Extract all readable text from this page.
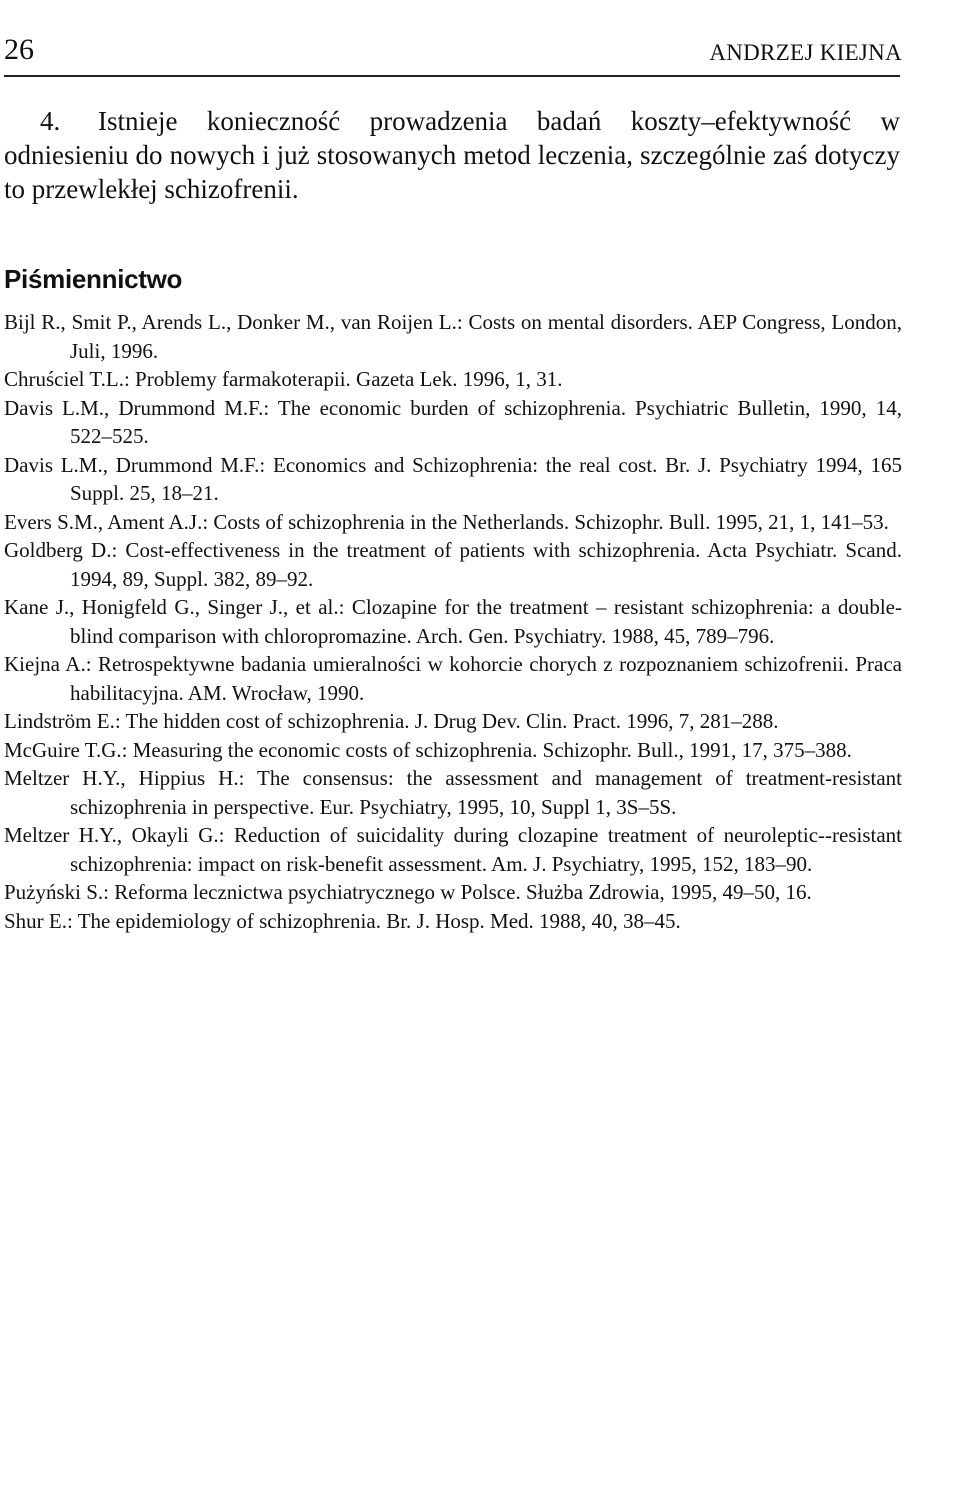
26	ANDRZEJ KIEJNA

4. Istnieje konieczność prowadzenia badań koszty–efektywność w odniesieniu do nowych i już stosowanych metod leczenia, szczególnie zaś dotyczy to przewlekłej schizofrenii.

Piśmiennictwo
Bijl R., Smit P., Arends L., Donker M., van Roijen L.: Costs on mental disorders. AEP Congress, London, Juli, 1996.
Chruściel T.L.: Problemy farmakoterapii. Gazeta Lek. 1996, 1, 31.
Davis L.M., Drummond M.F.: The economic burden of schizophrenia. Psychiatric Bulletin, 1990, 14, 522–525.
Davis L.M., Drummond M.F.: Economics and Schizophrenia: the real cost. Br. J. Psychiatry 1994, 165 Suppl. 25, 18–21.
Evers S.M., Ament A.J.: Costs of schizophrenia in the Netherlands. Schizophr. Bull. 1995, 21, 1, 141–53.
Goldberg D.: Cost-effectiveness in the treatment of patients with schizophrenia. Acta Psychiatr. Scand. 1994, 89, Suppl. 382, 89–92.
Kane J., Honigfeld G., Singer J., et al.: Clozapine for the treatment – resistant schizophrenia: a double-blind comparison with chloropromazine. Arch. Gen. Psychiatry. 1988, 45, 789–796.
Kiejna A.: Retrospektywne badania umieralności w kohorcie chorych z rozpoznaniem schizofrenii. Praca habilitacyjna. AM. Wrocław, 1990.
Lindström E.: The hidden cost of schizophrenia. J. Drug Dev. Clin. Pract. 1996, 7, 281–288.
McGuire T.G.: Measuring the economic costs of schizophrenia. Schizophr. Bull., 1991, 17, 375–388.
Meltzer H.Y., Hippius H.: The consensus: the assessment and management of treatment-resistant schizophrenia in perspective. Eur. Psychiatry, 1995, 10, Suppl 1, 3S–5S.
Meltzer H.Y., Okayli G.: Reduction of suicidality during clozapine treatment of neuroleptic--resistant schizophrenia: impact on risk-benefit assessment. Am. J. Psychiatry, 1995, 152, 183–90.
Pużyński S.: Reforma lecznictwa psychiatrycznego w Polsce. Służba Zdrowia, 1995, 49–50, 16.
Shur E.: The epidemiology of schizophrenia. Br. J. Hosp. Med. 1988, 40, 38–45.
